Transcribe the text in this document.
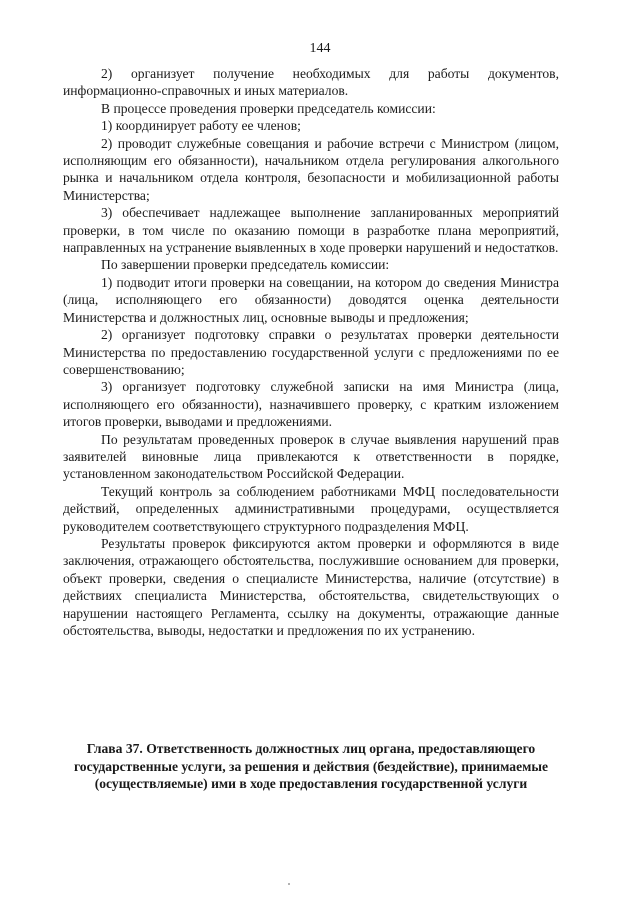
144

2) организует получение необходимых для работы документов, информационно-справочных и иных материалов.

В процессе проведения проверки председатель комиссии:

1) координирует работу ее членов;

2) проводит служебные совещания и рабочие встречи с Министром (лицом, исполняющим его обязанности), начальником отдела регулирования алкогольного рынка и начальником отдела контроля, безопасности и мобилизационной работы Министерства;

3) обеспечивает надлежащее выполнение запланированных мероприятий проверки, в том числе по оказанию помощи в разработке плана мероприятий, направленных на устранение выявленных в ходе проверки нарушений и недостатков.

По завершении проверки председатель комиссии:

1) подводит итоги проверки на совещании, на котором до сведения Министра (лица, исполняющего его обязанности) доводятся оценка деятельности Министерства и должностных лиц, основные выводы и предложения;

2) организует подготовку справки о результатах проверки деятельности Министерства по предоставлению государственной услуги с предложениями по ее совершенствованию;

3) организует подготовку служебной записки на имя Министра (лица, исполняющего его обязанности), назначившего проверку, с кратким изложением итогов проверки, выводами и предложениями.

По результатам проведенных проверок в случае выявления нарушений прав заявителей виновные лица привлекаются к ответственности в порядке, установленном законодательством Российской Федерации.

Текущий контроль за соблюдением работниками МФЦ последовательности действий, определенных административными процедурами, осуществляется руководителем соответствующего структурного подразделения МФЦ.

Результаты проверок фиксируются актом проверки и оформляются в виде заключения, отражающего обстоятельства, послужившие основанием для проверки, объект проверки, сведения о специалисте Министерства, наличие (отсутствие) в действиях специалиста Министерства, обстоятельства, свидетельствующих о нарушении настоящего Регламента, ссылку на документы, отражающие данные обстоятельства, выводы, недостатки и предложения по их устранению.

Глава 37. Ответственность должностных лиц органа, предоставляющего государственные услуги, за решения и действия (бездействие), принимаемые (осуществляемые) ими в ходе предоставления государственной услуги
